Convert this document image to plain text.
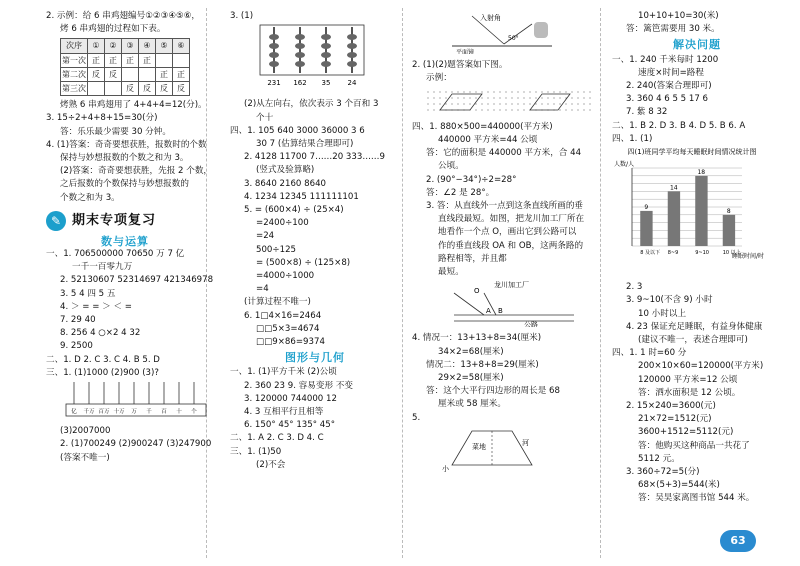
2. 示例：给 6 串鸡翅编号①②③④⑤⑥，
烤 6 串鸡翅的过程如下表。
次序	①	②	③	④	⑤	⑥
第一次	正	正	正	正		
第二次	反	反			正	正
第三次			反	反	反	反
烤熟 6 串鸡翅用了 4+4+4=12(分)。
3. 15÷2+4+8+15=30(分)
答：乐乐最少需要 30 分钟。
4. (1)答案：奇奇要想获胜，报数时的个数
保持与妙想报数的个数之和为 3。
(2)答案：奇奇要想获胜，先报 2 个数，
之后报数的个数保持与妙想报数的
个数之和为 3。
✎ 期末专项复习
数与运算
一、1. 706500000 70650 万 7 亿
一千一百零九万
2. 52130607 52314697 421346978
3. 5 4 四 5 五
4. ＞ = = ＞ ＜ =
7. 29 40
8. 256 4 ○×2 4 32
9. 2500
二、1. D 2. C 3. C 4. B 5. D
三、1. (1)1000 (2)900 (3)?
亿 千万 百万 十万 万 千 百 十 个
(3)2007000
2. (1)700249 (2)900247 (3)247900
(答案不唯一)
3. (1)
231 162 35 24
(2)从左向右，依次表示 3 个百和 3
个十
四、1. 105 640 3000 36000 3 6
30 7 (估算结果合理即可)
2. 4128 11700 7……20 333……9
(竖式及验算略)
3. 8640 2160 8640
4. 1234 12345 111111101
5. = (600×4) ÷ (25×4)
=2400÷100
=24
500÷125
= (500×8) ÷ (125×8)
=4000÷1000
=4
(计算过程不唯一)
6. 1□4×16=2464
□□5×3=4674
□□9×86=9374
图形与几何
一、1. (1)平方千米 (2)公顷
2. 360 23 9. 容易变形 不变
3. 120000 744000 12
4. 3 互相平行且相等
6. 150° 45° 135° 45°
二、1. A 2. C 3. D 4. C
三、1. (1)50
(2)不会
入射角
平面镜
50°
2. (1)(2)题答案如下图。
示例：
四、1. 880×500=440000(平方米)
440000 平方米=44 公顷
答：它的面积是 440000 平方米，合 44
公顷。
2. (90°−34°)÷2=28°
答：∠2 是 28°。
3. 答：从直线外一点到这条直线所画的垂
直线段最短。如图，把龙川加工厂所在
地看作一个点 O，画出它到公路可以
作的垂直线段 OA 和 OB，这两条路的
路程相等，并且都
最短。
龙川加工厂
公路
O
A B
4. 情况一：13+13+8=34(厘米)
34×2=68(厘米)
情况二：13+8+8=29(厘米)
29×2=58(厘米)
答：这个大平行四边形的周长是 68
厘米或 58 厘米。
5.
菜地
小
河
10+10+10=30(米)
答：篱笆需要用 30 米。
解决问题
一、1. 240 千米每时 1200
速度×时间=路程
2. 240(答案合理即可)
3. 360 4 6 5 5 17 6
7. 紫 8 32
二、1. B 2. D 3. B 4. D 5. B 6. A
四、1. (1)
四(1)班同学平均每天睡眠时间情况统计图
9
8 及以下
14
8~9
18
9~10
8
10 以上
人数/人
睡眠时间/时
2. 3
3. 9~10(不含 9) 小时
10 小时以上
4. 23 保证充足睡眠，有益身体健康
(建议不唯一，表述合理即可)
四、1. 1 时=60 分
200×10×60=120000(平方米)
120000 平方米=12 公顷
答：洒水面积是 12 公顷。
2. 15×240=3600(元)
21×72=1512(元)
3600+1512=5112(元)
答：他购买这种商品一共花了
5112 元。
3. 360÷72=5(分)
68×(5+3)=544(米)
答：吴昊家离图书馆 544 米。
63
